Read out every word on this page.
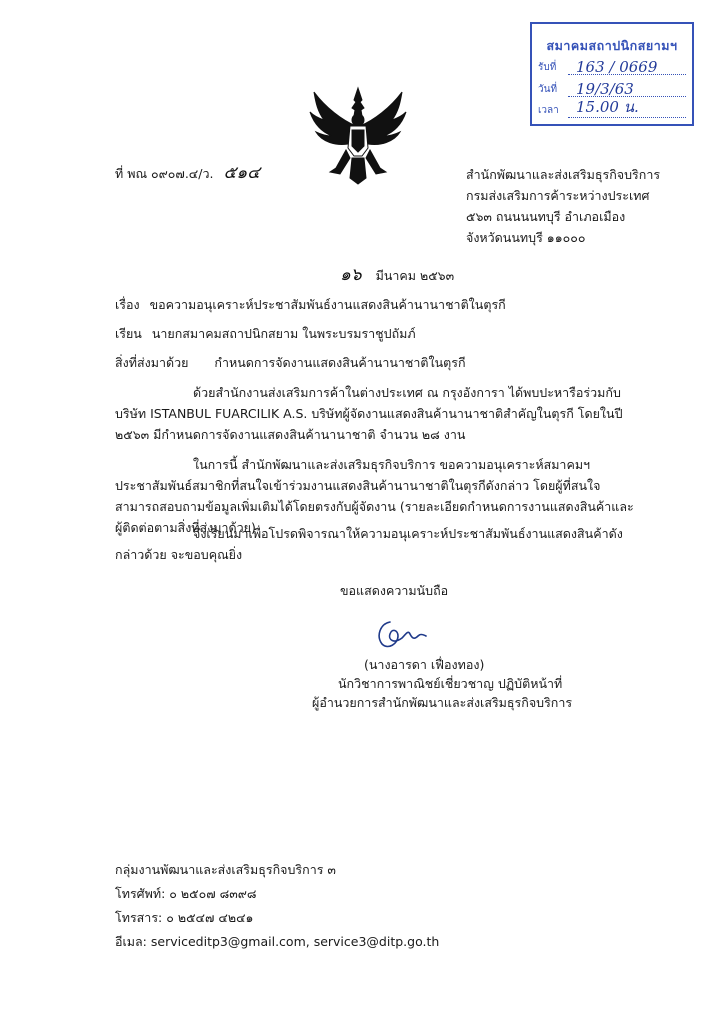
สมาคมสถาปนิกสยามฯ
รับที่ 163 / 0669
วันที่ 19/3/63
เวลา 15.00 น.
ที่ พณ ๐๙๐๗.๔/ว. ๕๑๔	สำนักพัฒนาและส่งเสริมธุรกิจบริการ
กรมส่งเสริมการค้าระหว่างประเทศ
๕๖๓ ถนนนนทบุรี อำเภอเมือง
จังหวัดนนทบุรี ๑๑๐๐๐
๑๖ มีนาคม ๒๕๖๓
เรื่อง ขอความอนุเคราะห์ประชาสัมพันธ์งานแสดงสินค้านานาชาติในตุรกี
เรียน นายกสมาคมสถาปนิกสยาม ในพระบรมราชูปถัมภ์
สิ่งที่ส่งมาด้วย กำหนดการจัดงานแสดงสินค้านานาชาติในตุรกี
ด้วยสำนักงานส่งเสริมการค้าในต่างประเทศ ณ กรุงอังการา ได้พบปะหารือร่วมกับบริษัท ISTANBUL FUARCILIK A.S. บริษัทผู้จัดงานแสดงสินค้านานาชาติสำคัญในตุรกี โดยในปี ๒๕๖๓ มีกำหนดการจัดงานแสดงสินค้านานาชาติ จำนวน ๒๘ งาน
ในการนี้ สำนักพัฒนาและส่งเสริมธุรกิจบริการ ขอความอนุเคราะห์สมาคมฯ ประชาสัมพันธ์สมาชิกที่สนใจเข้าร่วมงานแสดงสินค้านานาชาติในตุรกีดังกล่าว โดยผู้ที่สนใจสามารถสอบถามข้อมูลเพิ่มเติมได้โดยตรงกับผู้จัดงาน (รายละเอียดกำหนดการงานแสดงสินค้าและผู้ติดต่อตามสิ่งที่ส่งมาด้วย)
จึงเรียนมาเพื่อโปรดพิจารณาให้ความอนุเคราะห์ประชาสัมพันธ์งานแสดงสินค้าดังกล่าวด้วย จะขอบคุณยิ่ง
ขอแสดงความนับถือ
(นางอารดา เฟื่องทอง)
นักวิชาการพาณิชย์เชี่ยวชาญ ปฏิบัติหน้าที่
ผู้อำนวยการสำนักพัฒนาและส่งเสริมธุรกิจบริการ
กลุ่มงานพัฒนาและส่งเสริมธุรกิจบริการ ๓
โทรศัพท์: ๐ ๒๕๐๗ ๘๓๙๘
โทรสาร: ๐ ๒๕๔๗ ๔๒๔๑
อีเมล: serviceditp3@gmail.com, service3@ditp.go.th
